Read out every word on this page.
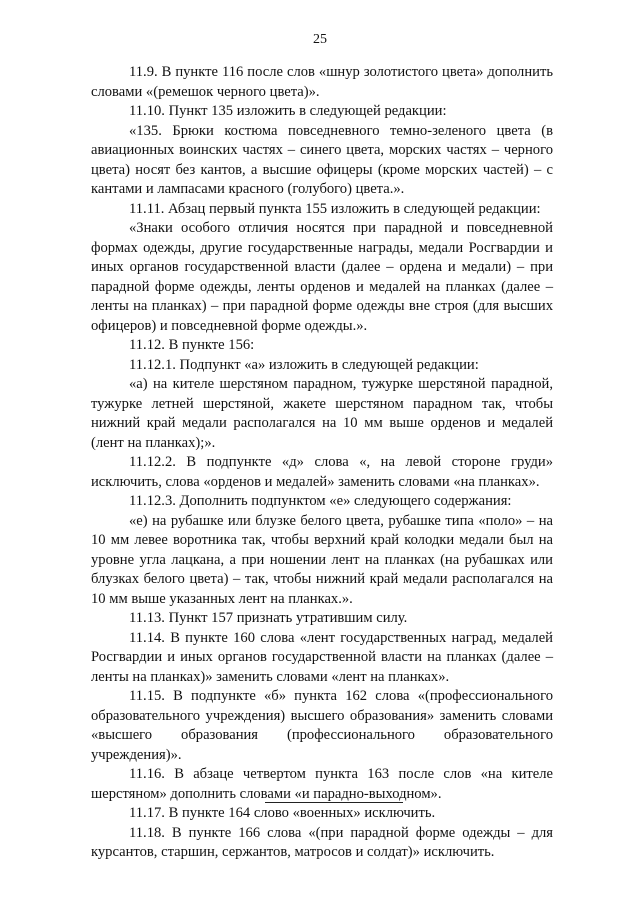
25

11.9. В пункте 116 после слов «шнур золотистого цвета» дополнить словами «(ремешок черного цвета)».

11.10. Пункт 135 изложить в следующей редакции:

«135. Брюки костюма повседневного темно-зеленого цвета (в авиационных воинских частях – синего цвета, морских частях – черного цвета) носят без кантов, а высшие офицеры (кроме морских частей) – с кантами и лампасами красного (голубого) цвета.».

11.11. Абзац первый пункта 155 изложить в следующей редакции:

«Знаки особого отличия носятся при парадной и повседневной формах одежды, другие государственные награды, медали Росгвардии и иных органов государственной власти (далее – ордена и медали) – при парадной форме одежды, ленты орденов и медалей на планках (далее – ленты на планках) – при парадной форме одежды вне строя (для высших офицеров) и повседневной форме одежды.».

11.12. В пункте 156:

11.12.1. Подпункт «а» изложить в следующей редакции:

«а) на кителе шерстяном парадном, тужурке шерстяной парадной, тужурке летней шерстяной, жакете шерстяном парадном так, чтобы нижний край медали располагался на 10 мм выше орденов и медалей (лент на планках);».

11.12.2. В подпункте «д» слова «, на левой стороне груди» исключить, слова «орденов и медалей» заменить словами «на планках».

11.12.3. Дополнить подпунктом «е» следующего содержания:

«е) на рубашке или блузке белого цвета, рубашке типа «поло» – на 10 мм левее воротника так, чтобы верхний край колодки медали был на уровне угла лацкана, а при ношении лент на планках (на рубашках или блузках белого цвета) – так, чтобы нижний край медали располагался на 10 мм выше указанных лент на планках.».

11.13. Пункт 157 признать утратившим силу.

11.14. В пункте 160 слова «лент государственных наград, медалей Росгвардии и иных органов государственной власти на планках (далее – ленты на планках)» заменить словами «лент на планках».

11.15. В подпункте «б» пункта 162 слова «(профессионального образовательного учреждения) высшего образования» заменить словами «высшего образования (профессионального образовательного учреждения)».

11.16. В абзаце четвертом пункта 163 после слов «на кителе шерстяном» дополнить словами «и парадно-выходном».

11.17. В пункте 164 слово «военных» исключить.

11.18. В пункте 166 слова «(при парадной форме одежды – для курсантов, старшин, сержантов, матросов и солдат)» исключить.
